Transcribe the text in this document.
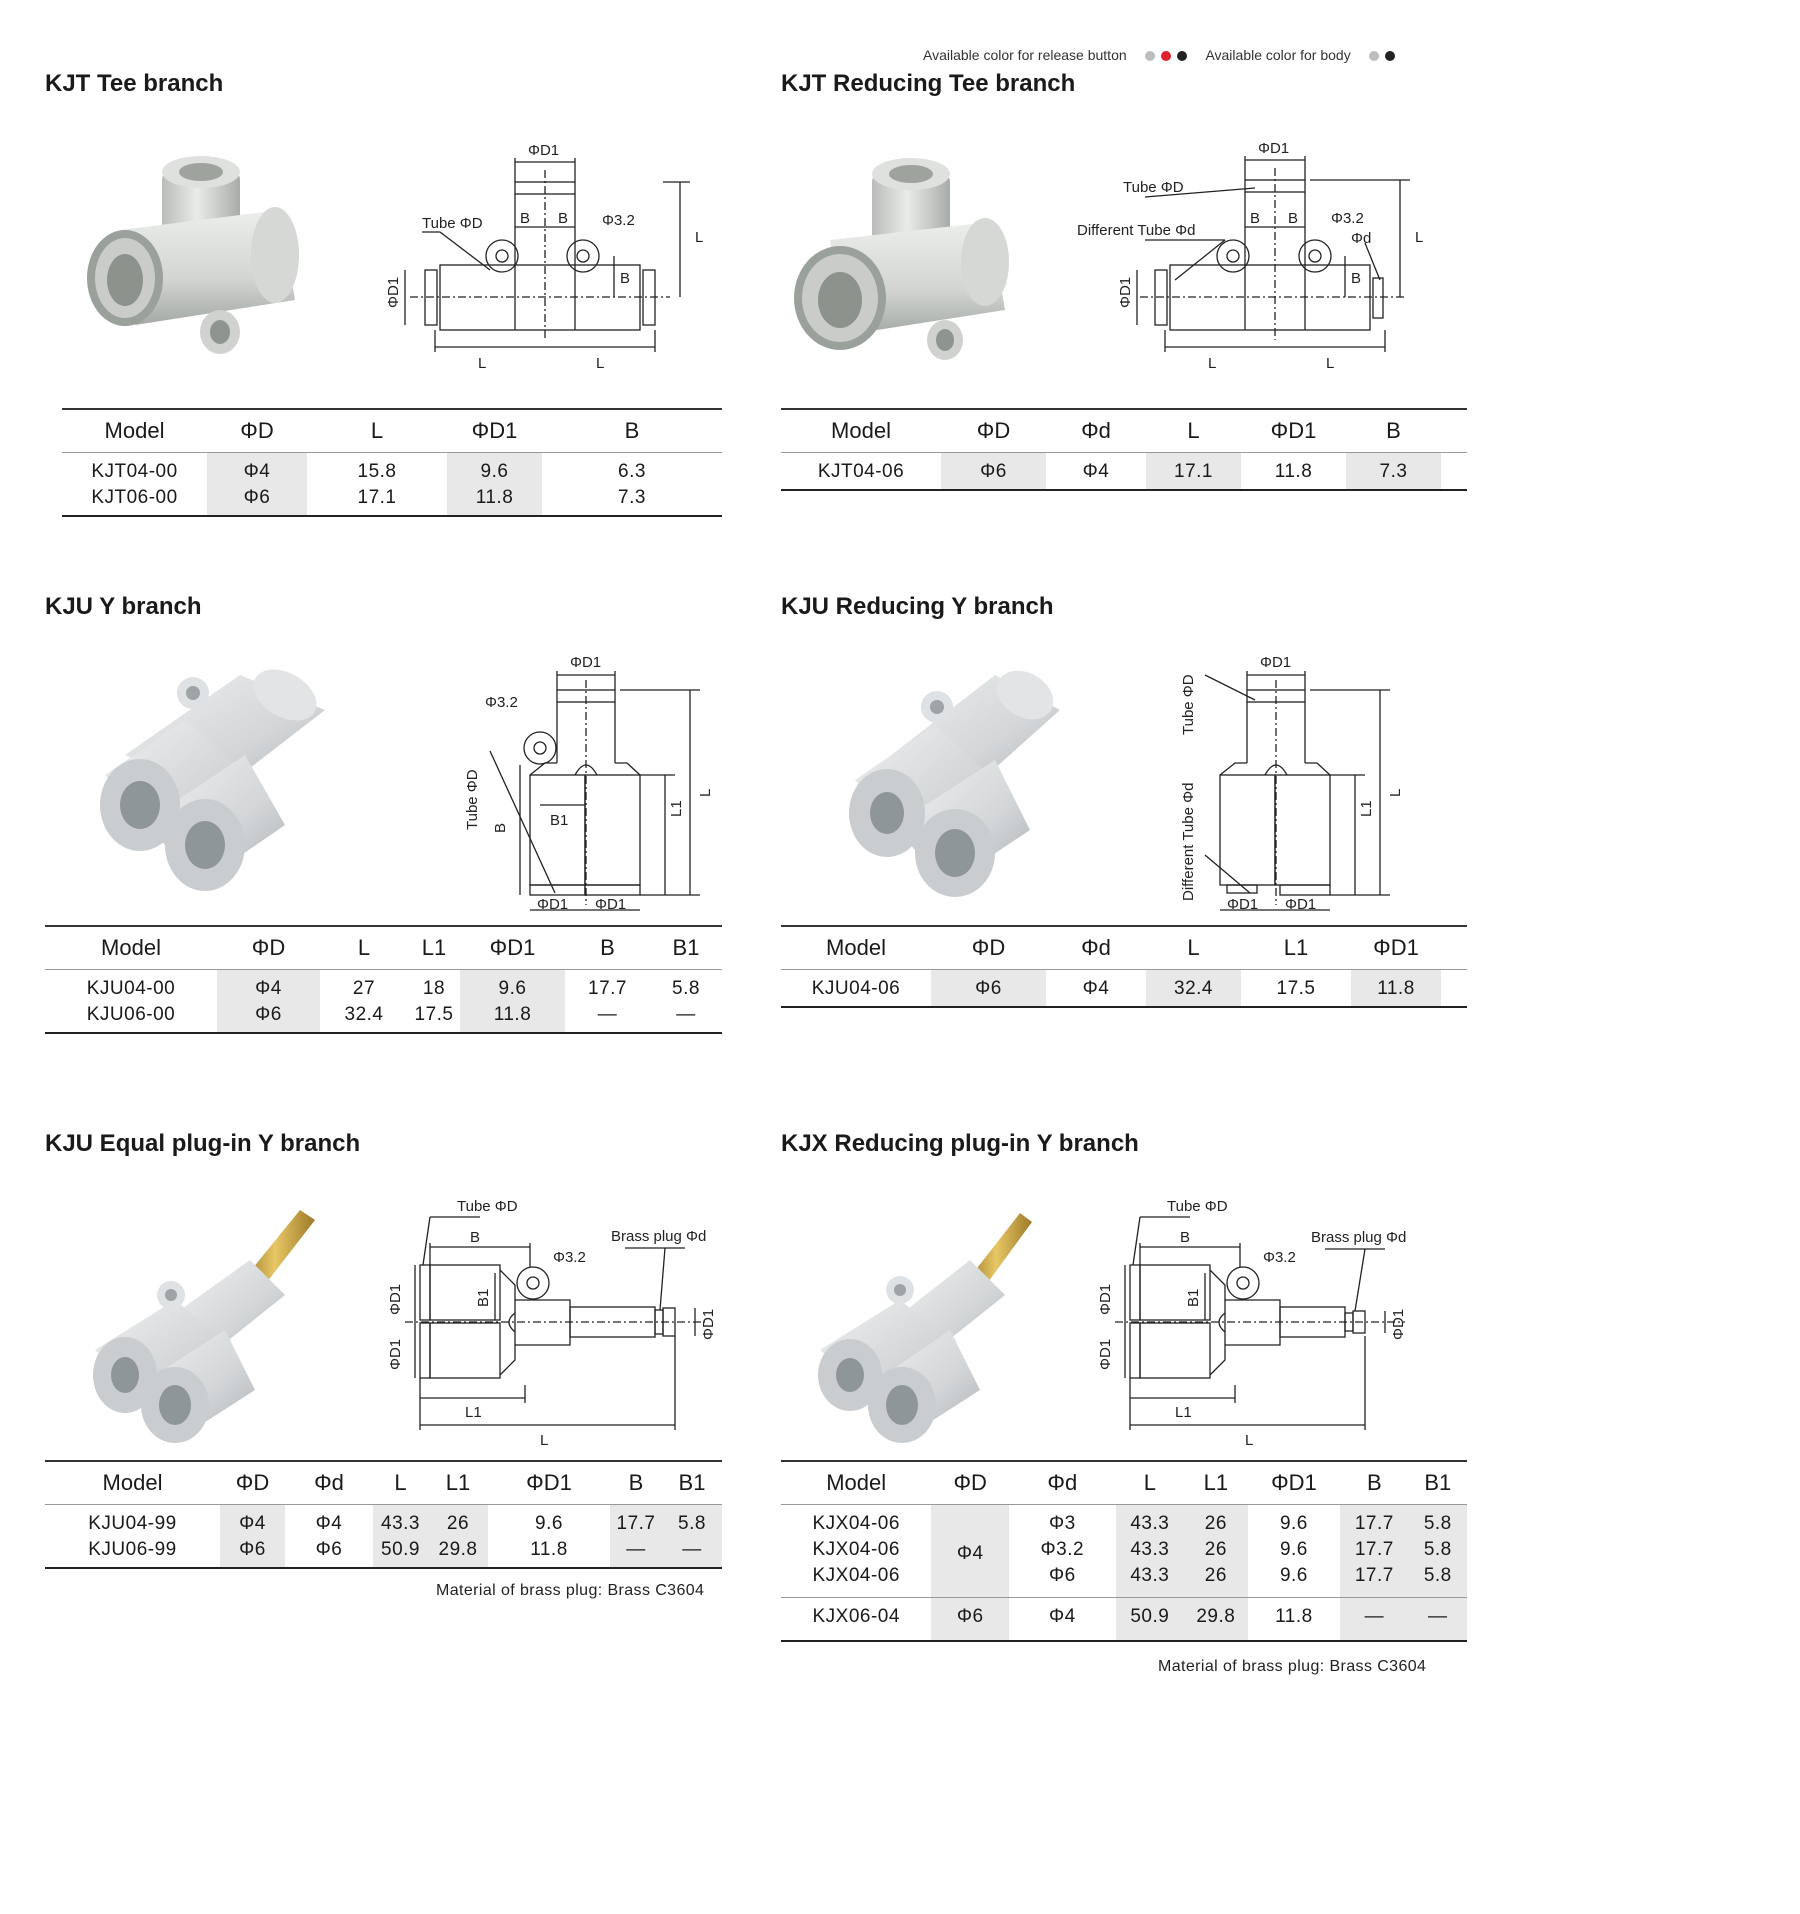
Available color for release button	Available color for body
KJT Tee branch	KJT Reducing Tee branch
KJU Y branch	KJU Reducing Y branch
KJU Equal plug-in Y branch	KJX Reducing plug-in Y branch
ΦD1
Tube ΦD B B Φ3.2
B
L
L	L
ΦD1
ΦD1
Tube ΦD
Different Tube Φd
B B Φ3.2
Φd
B
L
L	L
ΦD1
ΦD1
Φ3.2
Tube ΦD B	B1
L
L1
ΦD1 ΦD1
ΦD1
Tube ΦD
Different Tube Φd	L
L1
ΦD1 ΦD1
Tube ΦD
B
Φ3.2
Brass plug Φd
ΦD1
ΦD1
B1
ΦD1
L1
L
Tube ΦD
B
Φ3.2
Brass plug Φd
ΦD1
ΦD1
B1
ΦD1
L1
L
Model	ΦD	L	ΦD1	B
KJT04-00	Φ4	15.8	9.6	6.3
KJT06-00	Φ6	17.1	11.8	7.3
Model	ΦD	Φd	L	ΦD1	B	
KJT04-06	Φ6	Φ4	17.1	11.8	7.3	
Model	ΦD	L	L1	ΦD1	B	B1
KJU04-00	Φ4	27	18	9.6	17.7	5.8
KJU06-00	Φ6	32.4	17.5	11.8	—	—
Model	ΦD	Φd	L	L1	ΦD1	
KJU04-06	Φ6	Φ4	32.4	17.5	11.8	
Model	ΦD	Φd	L	L1	ΦD1	B	B1
KJU04-99	Φ4	Φ4	43.3	26	9.6	17.7	5.8
KJU06-99	Φ6	Φ6	50.9	29.8	11.8	—	—
Material of brass plug: Brass C3604
Model	ΦD	Φd	L	L1	ΦD1	B	B1
KJX04-06	Φ4	Φ3	43.3	26	9.6	17.7	5.8
KJX04-06		Φ3.2	43.3	26	9.6	17.7	5.8
KJX04-06		Φ6	43.3	26	9.6	17.7	5.8
KJX06-04	Φ6	Φ4	50.9	29.8	11.8	—	—
Material of brass plug: Brass C3604
